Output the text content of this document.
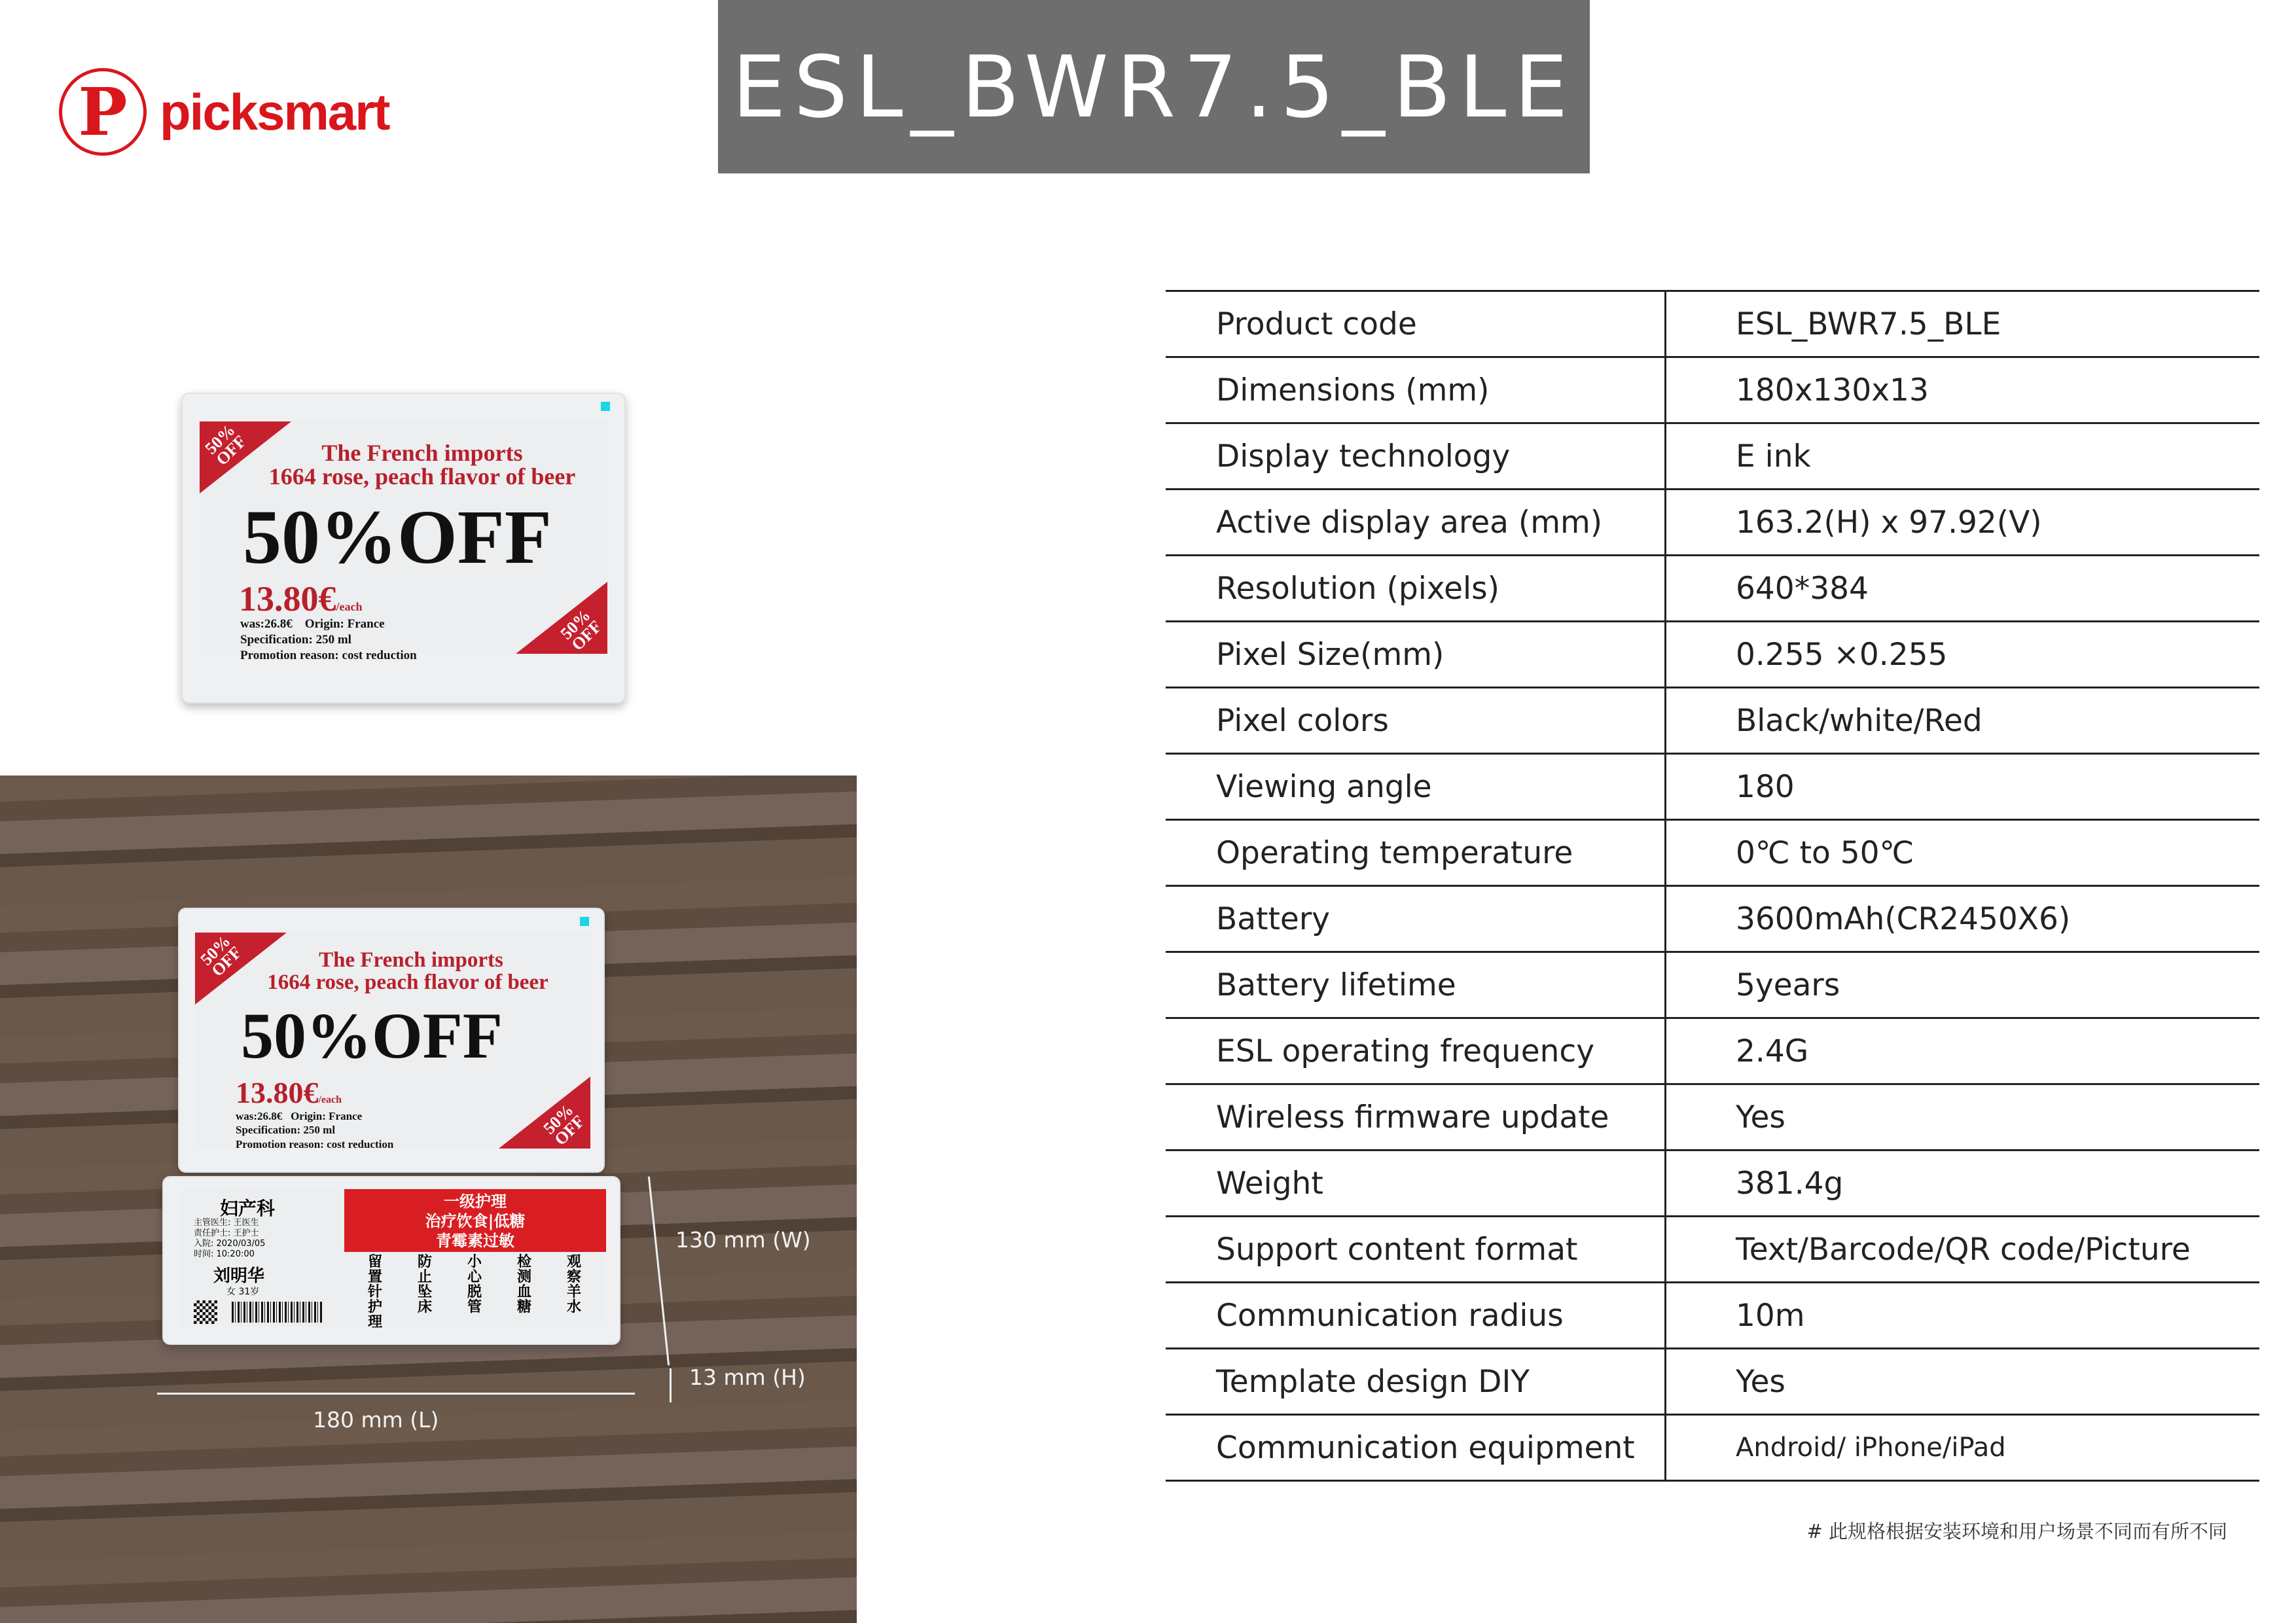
P picksmart	ESL_BWR7.5_BLE
50% OFF
50% OFF
The French imports
1664 rose, peach flavor of beer
50%OFF
13.80€/each
was:26.8€ Origin: France
Specification: 250 ml
Promotion reason: cost reduction
50% OFF
50% OFF
The French imports
1664 rose, peach flavor of beer
50%OFF
13.80€/each
was:26.8€ Origin: France
Specification: 250 ml
Promotion reason: cost reduction
妇产科
主管医生: 王医生
责任护士: 王护士
入院: 2020/03/05
时间: 10:20:00
刘明华
女 31岁
一级护理
治疗饮食|低糖
青霉素过敏
留置针护理
防止坠床
小心脱管
检测血糖
观察羊水
130 mm (W)
13 mm (H)
180 mm (L)
Product code	ESL_BWR7.5_BLE
Dimensions (mm)	180x130x13
Display technology	E ink
Active display area (mm)	163.2(H) x 97.92(V)
Resolution (pixels)	640*384
Pixel Size(mm)	0.255 ×0.255
Pixel colors	Black/white/Red
Viewing angle	180
Operating temperature	0℃ to 50℃
Battery	3600mAh(CR2450X6)
Battery lifetime	5years
ESL operating frequency	2.4G
Wireless firmware update	Yes
Weight	381.4g
Support content format	Text/Barcode/QR code/Picture
Communication radius	10m
Template design DIY	Yes
Communication equipment	Android/ iPhone/iPad
# 此规格根据安装环境和用户场景不同而有所不同
